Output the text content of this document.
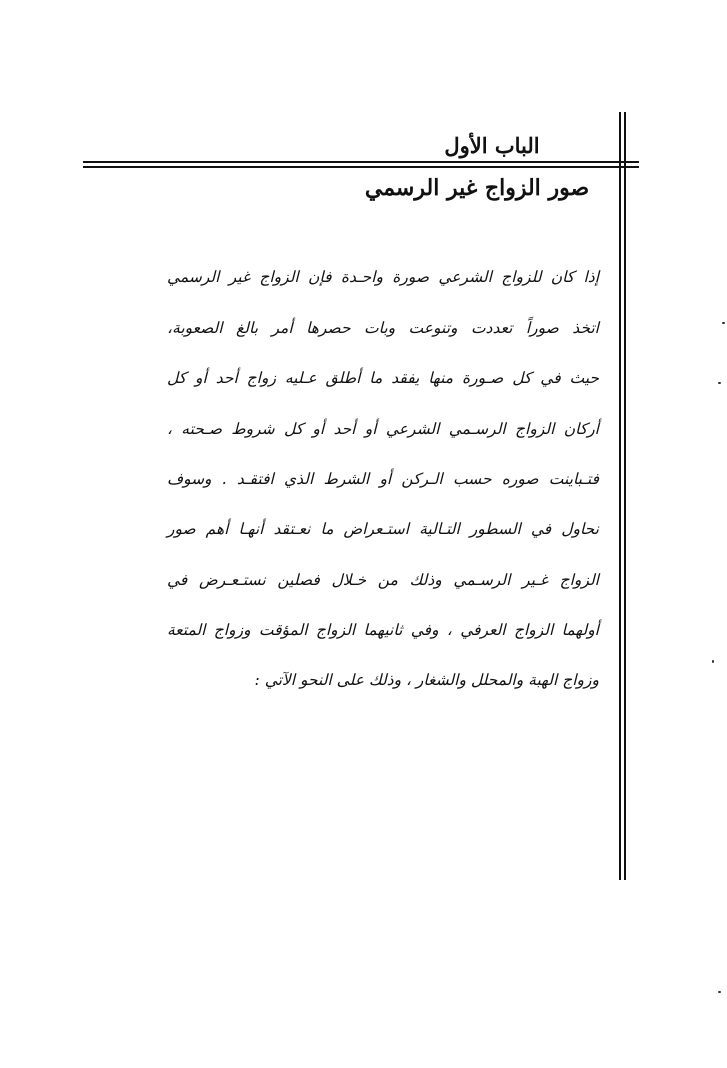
الباب الأول
صور الزواج غير الرسمي

إذا كان للزواج الشرعي صورة واحـدة فإن الزواج غير الرسمي

اتخذ صوراً تعددت وتنوعت وبات حصرها أمر بالغ الصعوبة،

حيث في كل صـورة منها يفقد ما أطلق عـليه زواج أحد أو كل

أركان الزواج الرسـمي الشرعي أو أحد أو كل شروط صـحته ،

فتـباينت صوره حسب الـركن أو الشرط الذي افتقـد . وسوف

نحاول في السطور التـالية استـعراض ما نعـتقد أنهـا أهم صور

الزواج غـير الرسـمي وذلك من خـلال فصلين نستـعـرض في

أولهما الزواج العرفي ، وفي ثانيهما الزواج المؤقت وزواج المتعة

وزواج الهبة والمحلل والشغار ، وذلك على النحو الآتي :
